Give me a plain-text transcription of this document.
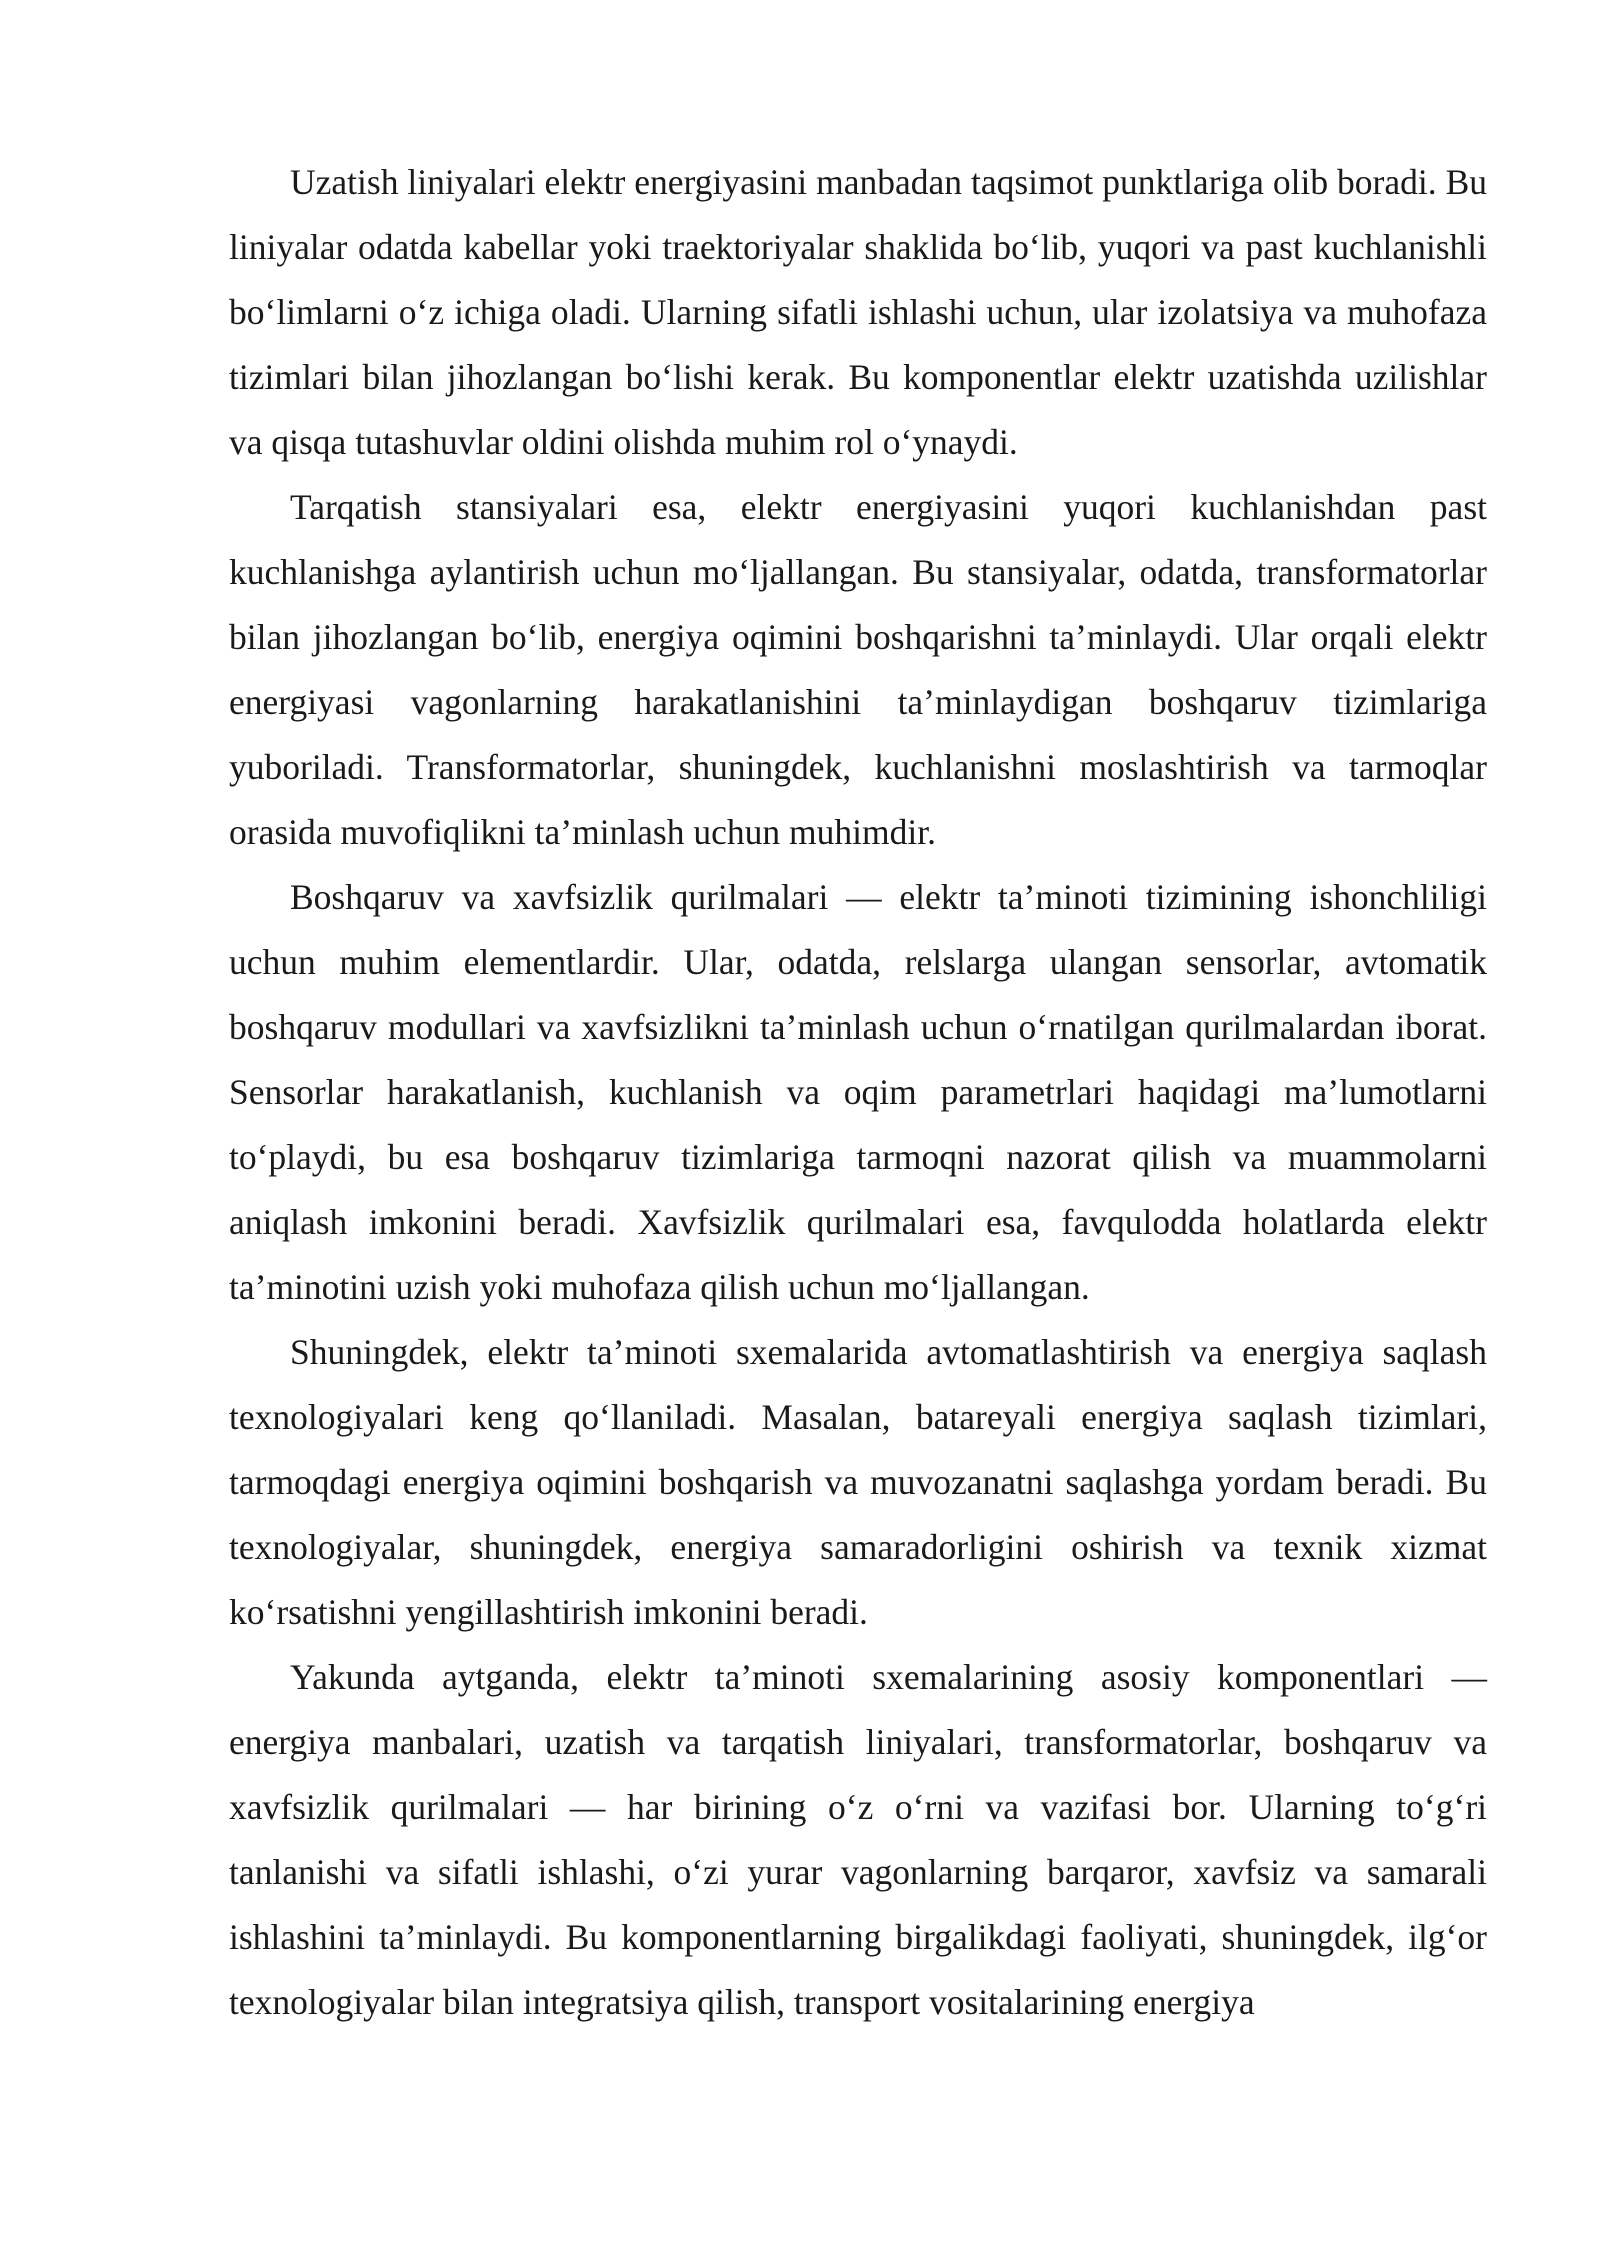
Uzatish liniyalari elektr energiyasini manbadan taqsimot punktlariga olib boradi. Bu liniyalar odatda kabellar yoki traektoriyalar shaklida bo‘lib, yuqori va past kuchlanishli bo‘limlarni o‘z ichiga oladi. Ularning sifatli ishlashi uchun, ular izolatsiya va muhofaza tizimlari bilan jihozlangan bo‘lishi kerak. Bu komponentlar elektr uzatishda uzilishlar va qisqa tutashuvlar oldini olishda muhim rol o‘ynaydi.

Tarqatish stansiyalari esa, elektr energiyasini yuqori kuchlanishdan past kuchlanishga aylantirish uchun mo‘ljallangan. Bu stansiyalar, odatda, transformatorlar bilan jihozlangan bo‘lib, energiya oqimini boshqarishni ta’minlaydi. Ular orqali elektr energiyasi vagonlarning harakatlanishini ta’minlaydigan boshqaruv tizimlariga yuboriladi. Transformatorlar, shuningdek, kuchlanishni moslashtirish va tarmoqlar orasida muvofiqlikni ta’minlash uchun muhimdir.

Boshqaruv va xavfsizlik qurilmalari — elektr ta’minoti tizimining ishonchliligi uchun muhim elementlardir. Ular, odatda, relslarga ulangan sensorlar, avtomatik boshqaruv modullari va xavfsizlikni ta’minlash uchun o‘rnatilgan qurilmalardan iborat. Sensorlar harakatlanish, kuchlanish va oqim parametrlari haqidagi ma’lumotlarni to‘playdi, bu esa boshqaruv tizimlariga tarmoqni nazorat qilish va muammolarni aniqlash imkonini beradi. Xavfsizlik qurilmalari esa, favqulodda holatlarda elektr ta’minotini uzish yoki muhofaza qilish uchun mo‘ljallangan.

Shuningdek, elektr ta’minoti sxemalarida avtomatlashtirish va energiya saqlash texnologiyalari keng qo‘llaniladi. Masalan, batareyali energiya saqlash tizimlari, tarmoqdagi energiya oqimini boshqarish va muvozanatni saqlashga yordam beradi. Bu texnologiyalar, shuningdek, energiya samaradorligini oshirish va texnik xizmat ko‘rsatishni yengillashtirish imkonini beradi.

Yakunda aytganda, elektr ta’minoti sxemalarining asosiy komponentlari — energiya manbalari, uzatish va tarqatish liniyalari, transformatorlar, boshqaruv va xavfsizlik qurilmalari — har birining o‘z o‘rni va vazifasi bor. Ularning to‘g‘ri tanlanishi va sifatli ishlashi, o‘zi yurar vagonlarning barqaror, xavfsiz va samarali ishlashini ta’minlaydi. Bu komponentlarning birgalikdagi faoliyati, shuningdek, ilg‘or texnologiyalar bilan integratsiya qilish, transport vositalarining energiya
